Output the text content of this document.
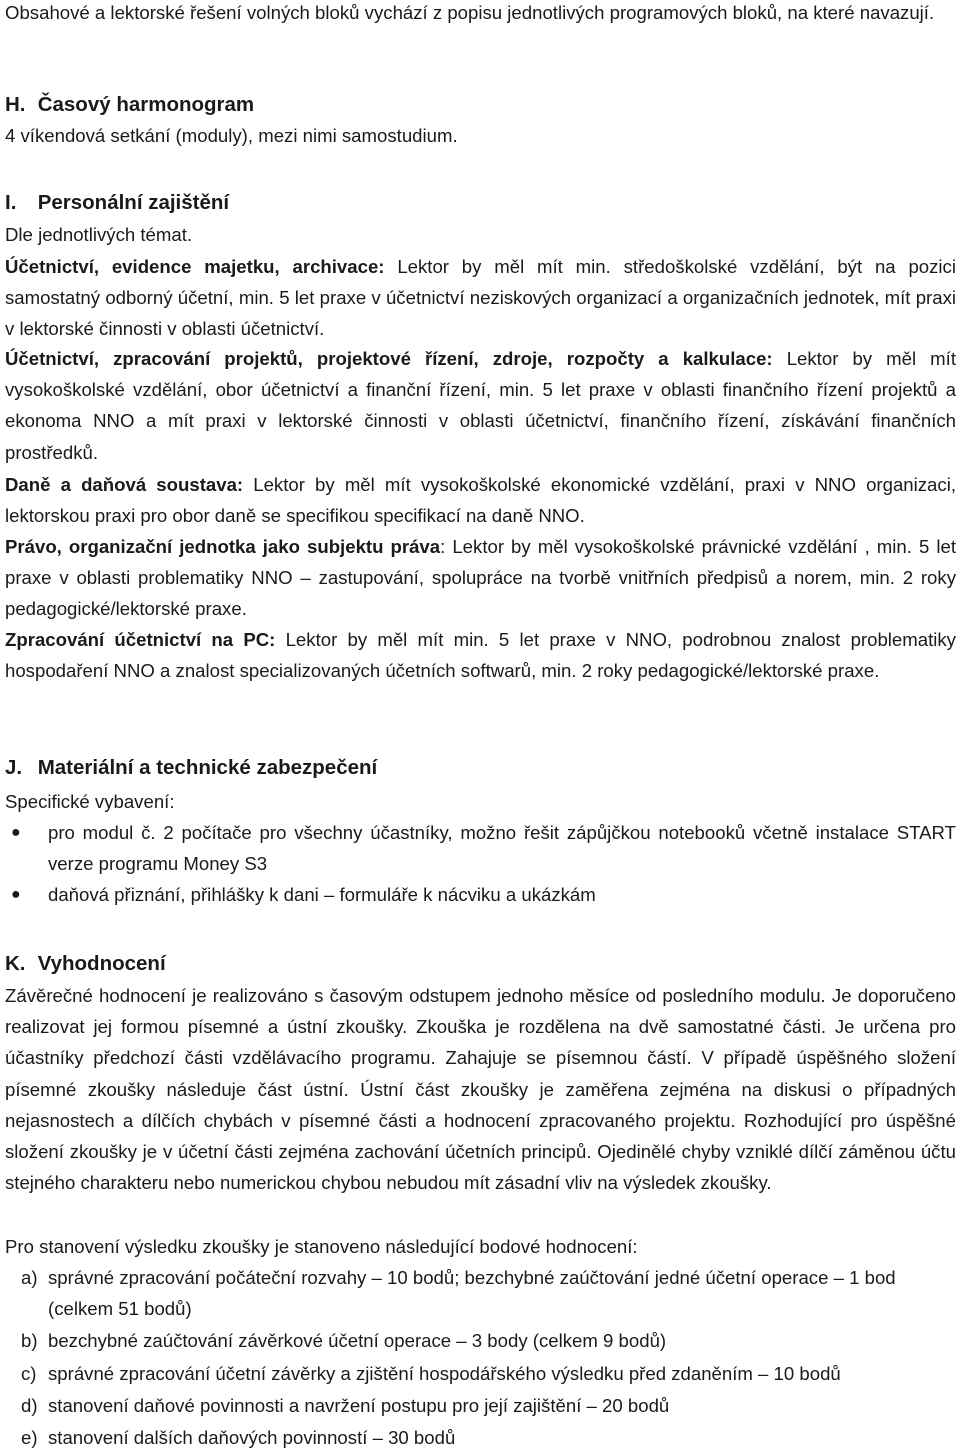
Obsahové a lektorské řešení volných bloků vychází z popisu jednotlivých programových bloků, na které navazují.

H. Časový harmonogram

4 víkendová setkání (moduly), mezi nimi samostudium.

I. Personální zajištění

Dle jednotlivých témat.

Účetnictví, evidence majetku, archivace: Lektor by měl mít min. středoškolské vzdělání, být na pozici samostatný odborný účetní, min. 5 let praxe v účetnictví neziskových organizací a organizačních jednotek, mít praxi v lektorské činnosti v oblasti účetnictví.

Účetnictví, zpracování projektů, projektové řízení, zdroje, rozpočty a kalkulace: Lektor by měl mít vysokoškolské vzdělání, obor účetnictví a finanční řízení, min. 5 let praxe v oblasti finančního řízení projektů a ekonoma NNO a mít praxi v lektorské činnosti v oblasti účetnictví, finančního řízení, získávání finančních prostředků.

Daně a daňová soustava: Lektor by měl mít vysokoškolské ekonomické vzdělání, praxi v NNO organizaci, lektorskou praxi pro obor daně se specifikou specifikací na daně NNO.

Právo, organizační jednotka jako subjektu práva: Lektor by měl vysokoškolské právnické vzdělání , min. 5 let praxe v oblasti problematiky NNO – zastupování, spolupráce na tvorbě vnitřních předpisů a norem, min. 2 roky pedagogické/lektorské praxe.

Zpracování účetnictví na PC: Lektor by měl mít min. 5 let praxe v NNO, podrobnou znalost problematiky hospodaření NNO a znalost specializovaných účetních softwarů, min. 2 roky pedagogické/lektorské praxe.

J. Materiální a technické zabezpečení

Specifické vybavení:

● pro modul č. 2 počítače pro všechny účastníky, možno řešit zápůjčkou notebooků včetně instalace START verze programu Money S3
● daňová přiznání, přihlášky k dani – formuláře k nácviku a ukázkám
K. Vyhodnocení

Závěrečné hodnocení je realizováno s časovým odstupem jednoho měsíce od posledního modulu. Je doporučeno realizovat jej formou písemné a ústní zkoušky. Zkouška je rozdělena na dvě samostatné části. Je určena pro účastníky předchozí části vzdělávacího programu. Zahajuje se písemnou částí. V případě úspěšného složení písemné zkoušky následuje část ústní. Ústní část zkoušky je zaměřena zejména na diskusi o případných nejasnostech a dílčích chybách v písemné části a hodnocení zpracovaného projektu. Rozhodující pro úspěšné složení zkoušky je v účetní části zejména zachování účetních principů. Ojedinělé chyby vzniklé dílčí záměnou účtu stejného charakteru nebo numerickou chybou nebudou mít zásadní vliv na výsledek zkoušky.

Pro stanovení výsledku zkoušky je stanoveno následující bodové hodnocení:

a) správné zpracování počáteční rozvahy – 10 bodů; bezchybné zaúčtování jedné účetní operace – 1 bod (celkem 51 bodů)
b) bezchybné zaúčtování závěrkové účetní operace – 3 body (celkem 9 bodů)
c) správné zpracování účetní závěrky a zjištění hospodářského výsledku před zdaněním – 10 bodů
d) stanovení daňové povinnosti a navržení postupu pro její zajištění – 20 bodů
e) stanovení dalších daňových povinností – 30 bodů
